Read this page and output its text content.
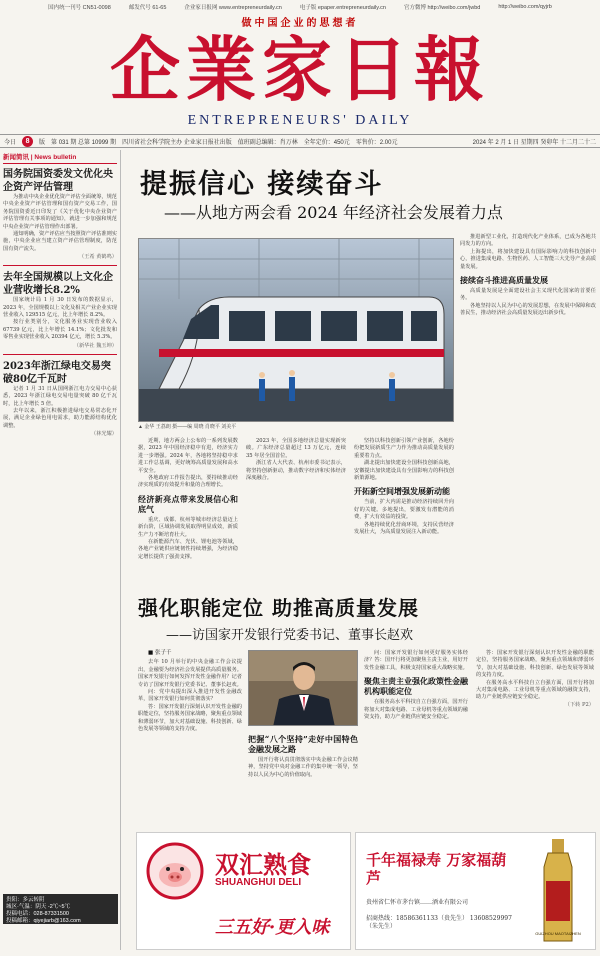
国内统一刊号 CN51-0098	邮发代号 61-65	企业家日报网 www.entrepreneurdaily.cn	电子版 epaper.entrepreneurdaily.cn	官方微博 http://weibo.com/jwbd	http://weibo.com/qyjrb
做中国企业的思想者
企業家日報
ENTREPRENEURS' DAILY
今日	8	版 第 031 期 总第 10999 期 四川省社会科学院主办 企业家日报社出版 值班副总编辑：肖万林 全年定价：450元 零售价：2.00元	2024 年 2 月 1 日 星期四 癸卯年 十二月二十二
新闻简讯 | News bulletin
国务院国资委发文优化央企资产评估管理

为推动中央企业优化资产评估全面统筹，规范中央企业资产评估管理和国有资产交易工作，国务院国资委近日印发了《关于优化中央企业资产评估管理有关事项的通知》，就进一步加强和规范中央企业资产评估管理作出部署。

通知明确，资产评估应当按照资产评估准则实施，中央企业应当建立资产评估管理制度，防范国有资产流失。

（王希 黄鹤鸣）

去年全国规模以上文化企业营收增长8.2%

国家统计局 1 月 30 日发布的数据显示，2023 年，全国规模以上文化及相关产业企业实现营业收入 129515 亿元，比上年增长 8.2%。

按行业类别分，文化服务业实现营业收入 67739 亿元，比上年增长 14.1%；文化批发和零售业实现营业收入 20394 亿元，增长 5.3%。

（新华社 魏玉坤）

2023年浙江绿电交易突破80亿千瓦时

记者 1 月 31 日从国网浙江电力交易中心获悉，2023 年浙江绿电交易电量突破 80 亿千瓦时，比上年增长 5 倍。

去年以来，浙江积极推进绿电交易常态化开展，满足企业绿色用电需求，助力能源结构优化调整。

（林光耀）

贵阳：多云转阴
城区·气温：阴天 -2℃~5℃
投稿电话：028-87331500
投稿邮箱：qiyejiarb@163.com
提振信心 接续奋斗
——从地方两会看 2024 年经济社会发展着力点
▲ 金华 王荔朗 摄——编 周晓 肖晓平 刘美平

推进新型工业化，打造现代化产业体系，已成为各地共同发力的方向。

上海提出，将加快建设具有国际影响力的科技创新中心，推进集成电路、生物医药、人工智能三大先导产业高质量发展。

接续奋斗推进高质量发展

高质量发展是全面建设社会主义现代化国家的首要任务。

各地坚持以人民为中心的发展思想，在发展中保障和改善民生，推动经济社会高质量发展迈出新步伐。

近期，地方两会上公布的一系列发展数据，2023 年中国经济稳中有进，经济实力进一步增强。2024 年，各地将坚持稳中求进工作总基调，更好统筹高质量发展和高水平安全。

各地政府工作报告提出，要持续推动经济实现质的有效提升和量的合理增长。

经济新亮点带来发展信心和底气

重庆、成都、杭州等城市经济总量迈上新台阶，区域协调发展取得明显成效，新质生产力不断培育壮大。

在新能源汽车、光伏、锂电池等领域，各地产业链供应链韧性持续增强，为经济稳定增长提供了强劲支撑。

2023 年，全国多地经济总量实现新突破。广东经济总量超过 13 万亿元，连续 35 年居全国首位。

浙江省人大代表、杭州市委书记表示，将坚持创新驱动，推动数字经济和实体经济深度融合。

坚持以科技创新引领产业创新，各地纷纷把发展新质生产力作为推动高质量发展的重要着力点。

湖北提出加快建设全国科技创新高地，安徽提出加快建设具有全国影响力的科技创新策源地。

开拓新空间增强发展新动能

当前，扩大内需是推动经济持续回升向好的关键。多地提出，要激发有潜能的消费，扩大有效益的投资。

各地持续优化营商环境，支持民营经济发展壮大，为高质量发展注入新动能。

强化职能定位 助推高质量发展
——访国家开发银行党委书记、董事长赵欢

■ 张子千

去年 10 月举行的中央金融工作会议提出，金融要为经济社会发展提供高质量服务。国家开发银行如何发挥开发性金融作用？记者专访了国家开发银行党委书记、董事长赵欢。

问：党中央提出深入推进开发性金融改革，国家开发银行如何贯彻落实？

答：国家开发银行深刻认识开发性金融的职能定位，坚持服务国家战略，聚焦重点领域和薄弱环节，加大对基础设施、科技创新、绿色发展等领域的支持力度。

把握“八个坚持”走好中国特色金融发展之路

国开行将认真贯彻落实中央金融工作会议精神，坚持党中央对金融工作的集中统一领导，坚持以人民为中心的价值取向。

问：国家开发银行如何更好服务实体经济？答：国开行将更加聚焦主责主业，用好开发性金融工具，积极支持国家重大战略实施。

聚焦主责主业强化政策性金融机构职能定位

在服务高水平科技自立自强方面，国开行将加大对集成电路、工业母机等重点领域的融资支持，助力产业链供应链安全稳定。

答：国家开发银行深刻认识开发性金融的职能定位，坚持服务国家战略，聚焦重点领域和薄弱环节，加大对基础设施、科技创新、绿色发展等领域的支持力度。

在服务高水平科技自立自强方面，国开行将加大对集成电路、工业母机等重点领域的融资支持，助力产业链供应链安全稳定。

（下转 P2）

双汇熟食
SHUANGHUI DELI
三五好·更入味
千年福禄寿 万家福葫芦
贵州省仁怀市茅台镇……酒业有限公司
招商热线：18586361133（贵先生） 13608529997（朱先生）
GUIZHOU MAOTAIZHEN
